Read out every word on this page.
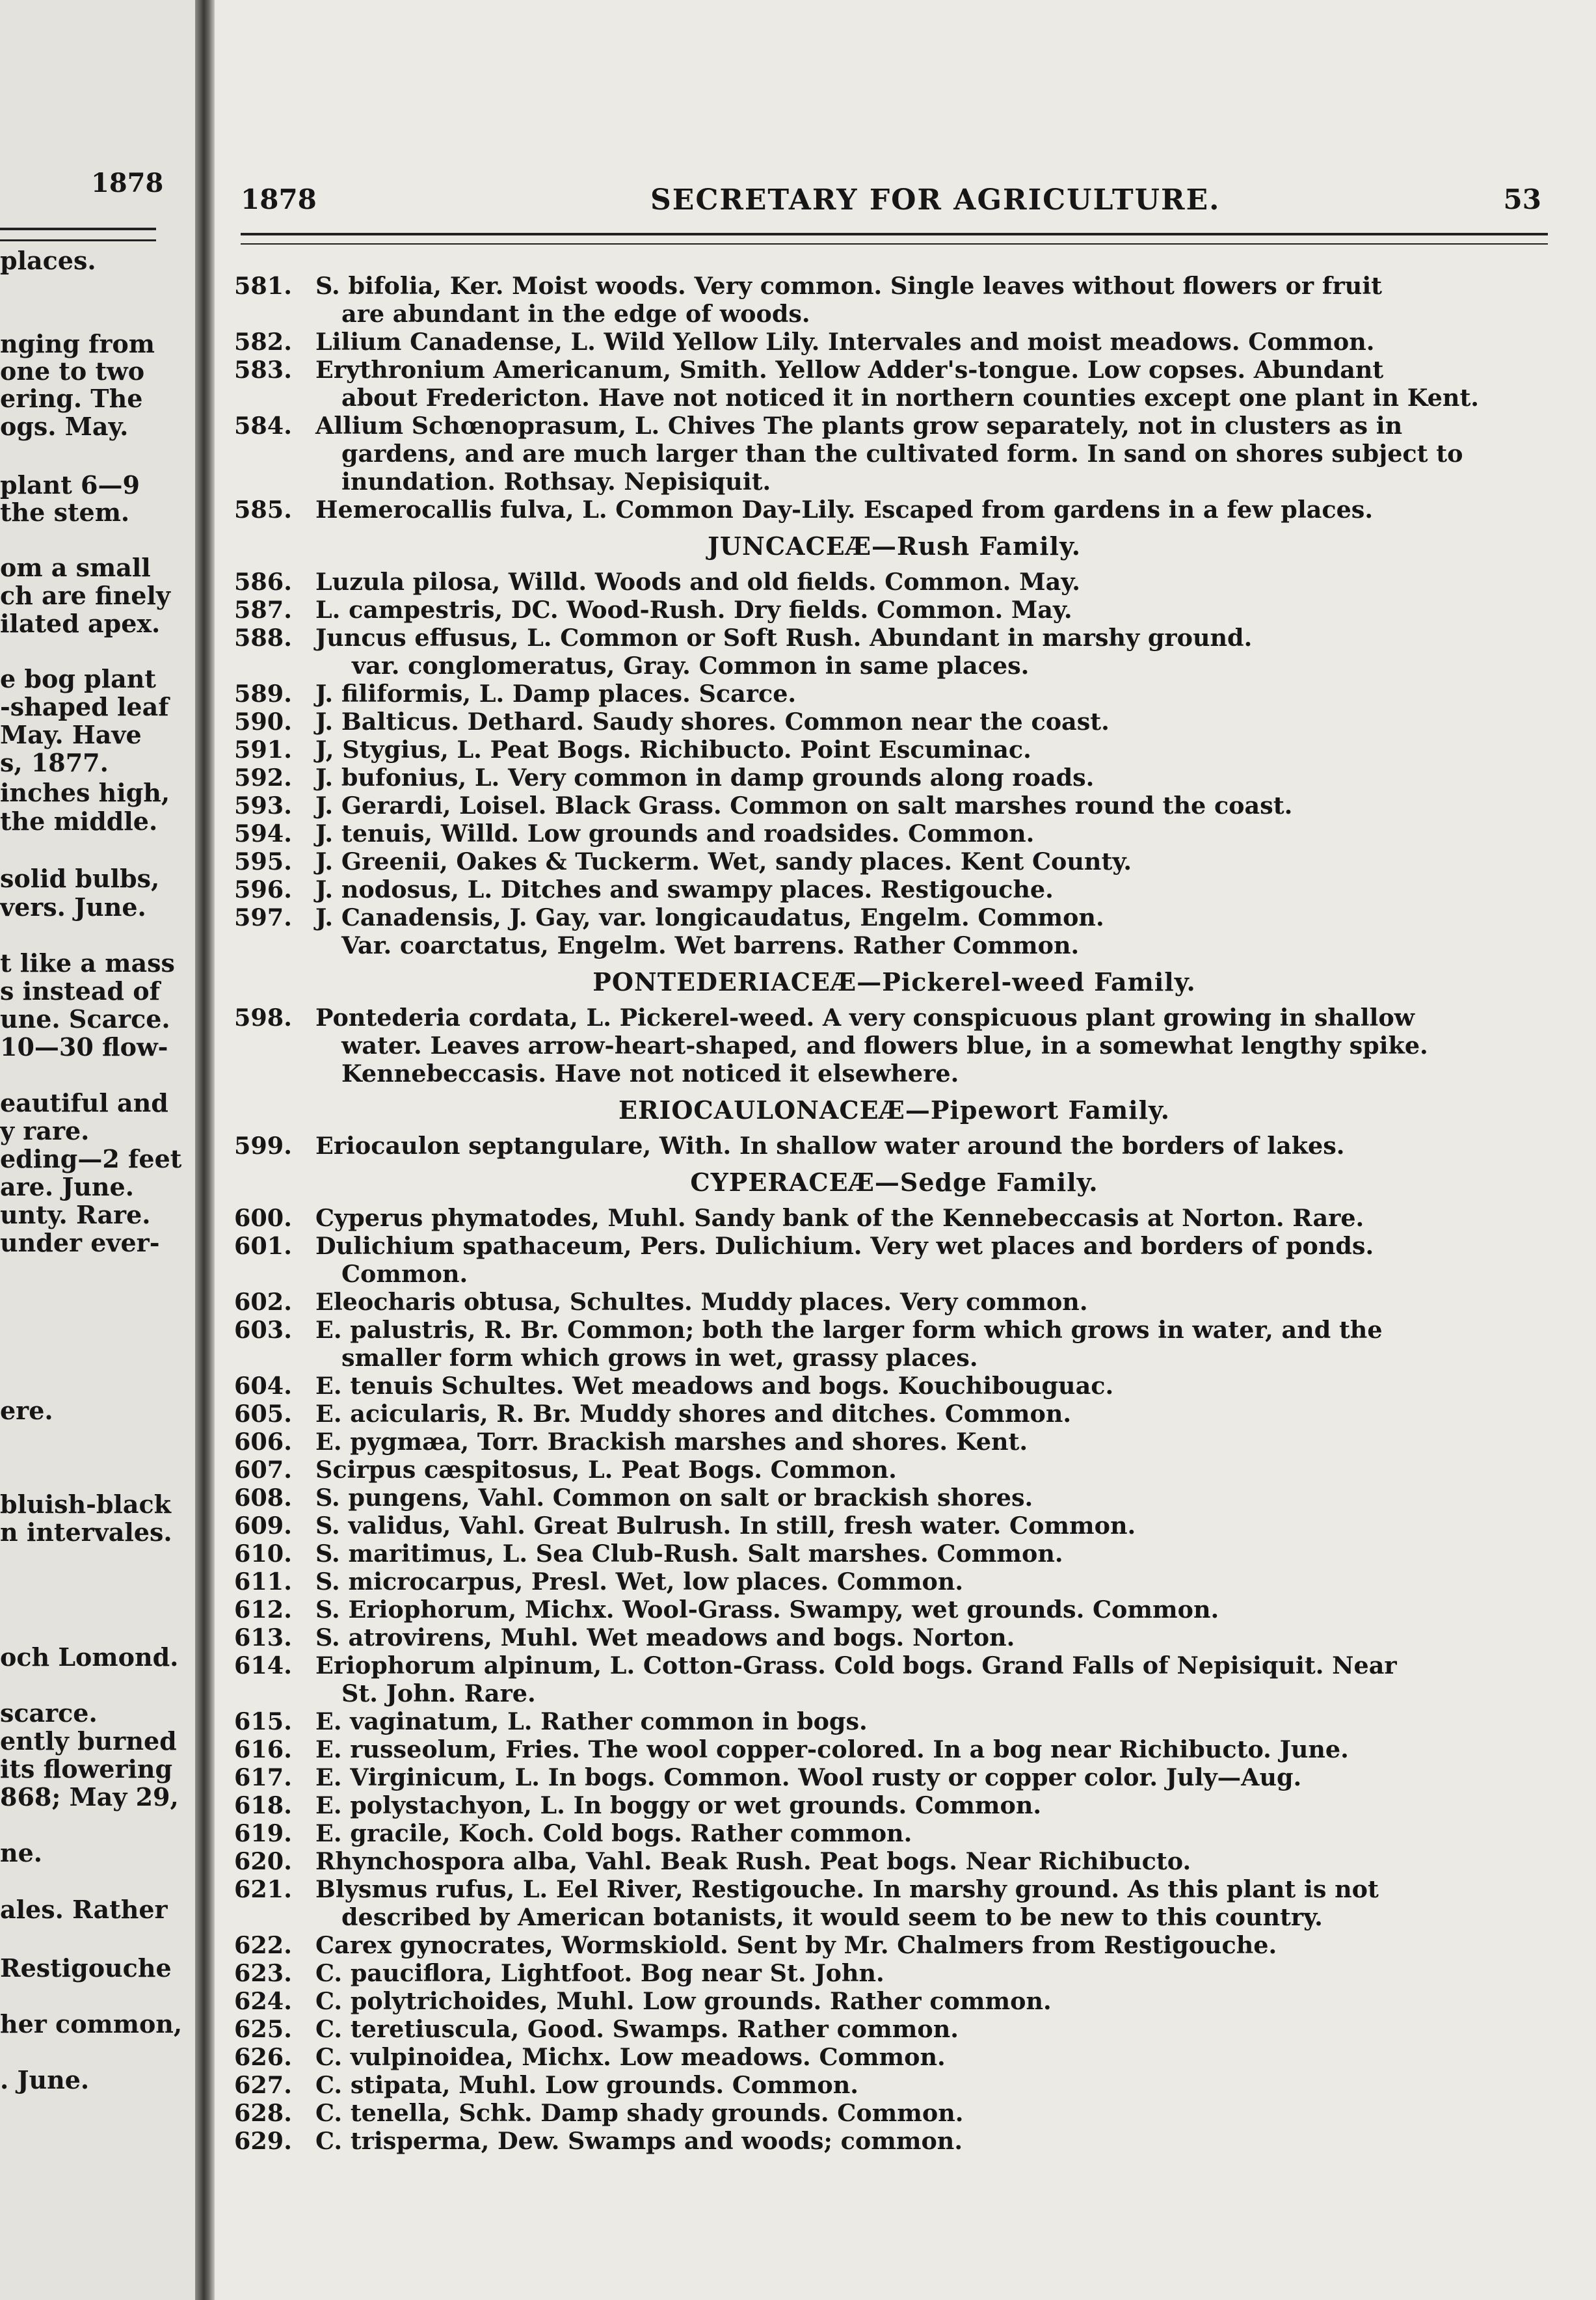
1878
places.
nging from
one to two
ering. The
ogs. May.
plant 6—9
the stem.
om a small
ch are finely
ilated apex.
e bog plant
-shaped leaf
May. Have
s, 1877.
inches high,
the middle.
solid bulbs,
vers. June.
t like a mass
s instead of
une. Scarce.
10—30 flow-
eautiful and
y rare.
eding—2 feet
are. June.
unty. Rare.
under ever-
ere.
bluish-black
n intervales.
och Lomond.
scarce.
ently burned
its flowering
868; May 29,
ne.
ales. Rather
Restigouche
her common,
. June.
1878	SECRETARY FOR AGRICULTURE.	53
581. S. bifolia, Ker. Moist woods. Very common. Single leaves without flowers or fruit
are abundant in the edge of woods.
582. Lilium Canadense, L. Wild Yellow Lily. Intervales and moist meadows. Common.
583. Erythronium Americanum, Smith. Yellow Adder's-tongue. Low copses. Abundant
about Fredericton. Have not noticed it in northern counties except one plant in Kent.
584. Allium Schœnoprasum, L. Chives The plants grow separately, not in clusters as in
gardens, and are much larger than the cultivated form. In sand on shores subject to
inundation. Rothsay. Nepisiquit.
585. Hemerocallis fulva, L. Common Day-Lily. Escaped from gardens in a few places.
JUNCACEÆ—Rush Family.
586. Luzula pilosa, Willd. Woods and old fields. Common. May.
587. L. campestris, DC. Wood-Rush. Dry fields. Common. May.
588. Juncus effusus, L. Common or Soft Rush. Abundant in marshy ground.
var. conglomeratus, Gray. Common in same places.
589. J. filiformis, L. Damp places. Scarce.
590. J. Balticus. Dethard. Saudy shores. Common near the coast.
591. J, Stygius, L. Peat Bogs. Richibucto. Point Escuminac.
592. J. bufonius, L. Very common in damp grounds along roads.
593. J. Gerardi, Loisel. Black Grass. Common on salt marshes round the coast.
594. J. tenuis, Willd. Low grounds and roadsides. Common.
595. J. Greenii, Oakes & Tuckerm. Wet, sandy places. Kent County.
596. J. nodosus, L. Ditches and swampy places. Restigouche.
597. J. Canadensis, J. Gay, var. longicaudatus, Engelm. Common.
Var. coarctatus, Engelm. Wet barrens. Rather Common.
PONTEDERIACEÆ—Pickerel-weed Family.
598. Pontederia cordata, L. Pickerel-weed. A very conspicuous plant growing in shallow
water. Leaves arrow-heart-shaped, and flowers blue, in a somewhat lengthy spike.
Kennebeccasis. Have not noticed it elsewhere.
ERIOCAULONACEÆ—Pipewort Family.
599. Eriocaulon septangulare, With. In shallow water around the borders of lakes.
CYPERACEÆ—Sedge Family.
600. Cyperus phymatodes, Muhl. Sandy bank of the Kennebeccasis at Norton. Rare.
601. Dulichium spathaceum, Pers. Dulichium. Very wet places and borders of ponds.
Common.
602. Eleocharis obtusa, Schultes. Muddy places. Very common.
603. E. palustris, R. Br. Common; both the larger form which grows in water, and the
smaller form which grows in wet, grassy places.
604. E. tenuis Schultes. Wet meadows and bogs. Kouchibouguac.
605. E. acicularis, R. Br. Muddy shores and ditches. Common.
606. E. pygmæa, Torr. Brackish marshes and shores. Kent.
607. Scirpus cæspitosus, L. Peat Bogs. Common.
608. S. pungens, Vahl. Common on salt or brackish shores.
609. S. validus, Vahl. Great Bulrush. In still, fresh water. Common.
610. S. maritimus, L. Sea Club-Rush. Salt marshes. Common.
611. S. microcarpus, Presl. Wet, low places. Common.
612. S. Eriophorum, Michx. Wool-Grass. Swampy, wet grounds. Common.
613. S. atrovirens, Muhl. Wet meadows and bogs. Norton.
614. Eriophorum alpinum, L. Cotton-Grass. Cold bogs. Grand Falls of Nepisiquit. Near
St. John. Rare.
615. E. vaginatum, L. Rather common in bogs.
616. E. russeolum, Fries. The wool copper-colored. In a bog near Richibucto. June.
617. E. Virginicum, L. In bogs. Common. Wool rusty or copper color. July—Aug.
618. E. polystachyon, L. In boggy or wet grounds. Common.
619. E. gracile, Koch. Cold bogs. Rather common.
620. Rhynchospora alba, Vahl. Beak Rush. Peat bogs. Near Richibucto.
621. Blysmus rufus, L. Eel River, Restigouche. In marshy ground. As this plant is not
described by American botanists, it would seem to be new to this country.
622. Carex gynocrates, Wormskiold. Sent by Mr. Chalmers from Restigouche.
623. C. pauciflora, Lightfoot. Bog near St. John.
624. C. polytrichoides, Muhl. Low grounds. Rather common.
625. C. teretiuscula, Good. Swamps. Rather common.
626. C. vulpinoidea, Michx. Low meadows. Common.
627. C. stipata, Muhl. Low grounds. Common.
628. C. tenella, Schk. Damp shady grounds. Common.
629. C. trisperma, Dew. Swamps and woods; common.
